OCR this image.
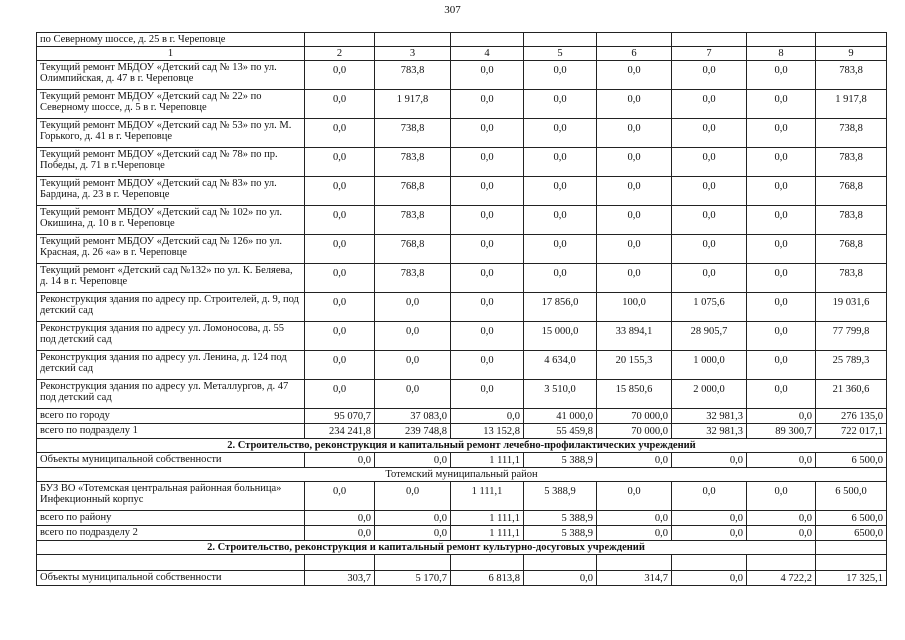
307
по Северному шоссе, д. 25 в г. Череповце								
1	2	3	4	5	6	7	8	9
Текущий ремонт МБДОУ «Детский сад № 13» по ул. Олимпийская, д. 47 в г. Череповце	0,0	783,8	0,0	0,0	0,0	0,0	0,0	783,8
Текущий ремонт МБДОУ «Детский сад № 22» по Северному шоссе, д. 5 в г. Череповце	0,0	1 917,8	0,0	0,0	0,0	0,0	0,0	1 917,8
Текущий ремонт МБДОУ «Детский сад № 53» по ул. М. Горького, д. 41 в г. Череповце	0,0	738,8	0,0	0,0	0,0	0,0	0,0	738,8
Текущий ремонт МБДОУ «Детский сад № 78» по пр. Победы, д. 71 в г.Череповце	0,0	783,8	0,0	0,0	0,0	0,0	0,0	783,8
Текущий ремонт МБДОУ «Детский сад № 83» по ул. Бардина, д. 23 в г. Череповце	0,0	768,8	0,0	0,0	0,0	0,0	0,0	768,8
Текущий ремонт МБДОУ «Детский сад № 102» по ул. Окишина, д. 10 в г. Череповце	0,0	783,8	0,0	0,0	0,0	0,0	0,0	783,8
Текущий ремонт МБДОУ «Детский сад № 126» по ул. Красная, д. 26 «а» в г. Череповце	0,0	768,8	0,0	0,0	0,0	0,0	0,0	768,8
Текущий ремонт «Детский сад №132» по ул. К. Беляева, д. 14 в г. Череповце	0,0	783,8	0,0	0,0	0,0	0,0	0,0	783,8
Реконструкция здания по адресу пр. Строителей, д. 9, под детский сад	0,0	0,0	0,0	17 856,0	100,0	1 075,6	0,0	19 031,6
Реконструкция здания по адресу ул. Ломоносова, д. 55 под детский сад	0,0	0,0	0,0	15 000,0	33 894,1	28 905,7	0,0	77 799,8
Реконструкция здания по адресу ул. Ленина, д. 124 под детский сад	0,0	0,0	0,0	4 634,0	20 155,3	1 000,0	0,0	25 789,3
Реконструкция здания по адресу ул. Металлургов, д. 47 под детский сад	0,0	0,0	0,0	3 510,0	15 850,6	2 000,0	0,0	21 360,6
всего по городу	95 070,7	37 083,0	0,0	41 000,0	70 000,0	32 981,3	0,0	276 135,0
всего по подразделу 1	234 241,8	239 748,8	13 152,8	55 459,8	70 000,0	32 981,3	89 300,7	722 017,1
2. Строительство, реконструкция и капитальный ремонт лечебно-профилактических учреждений								
Объекты муниципальной собственности	0,0	0,0	1 111,1	5 388,9	0,0	0,0	0,0	6 500,0
Тотемский муниципальный район								
БУЗ ВО «Тотемская центральная районная больница» Инфекционный корпус	0,0	0,0	1 111,1	5 388,9	0,0	0,0	0,0	6 500,0
всего по району	0,0	0,0	1 111,1	5 388,9	0,0	0,0	0,0	6 500,0
всего по подразделу 2	0,0	0,0	1 111,1	5 388,9	0,0	0,0	0,0	6500,0
2. Строительство, реконструкция и капитальный ремонт культурно-досуговых учреждений								

Объекты муниципальной собственности	303,7	5 170,7	6 813,8	0,0	314,7	0,0	4 722,2	17 325,1
